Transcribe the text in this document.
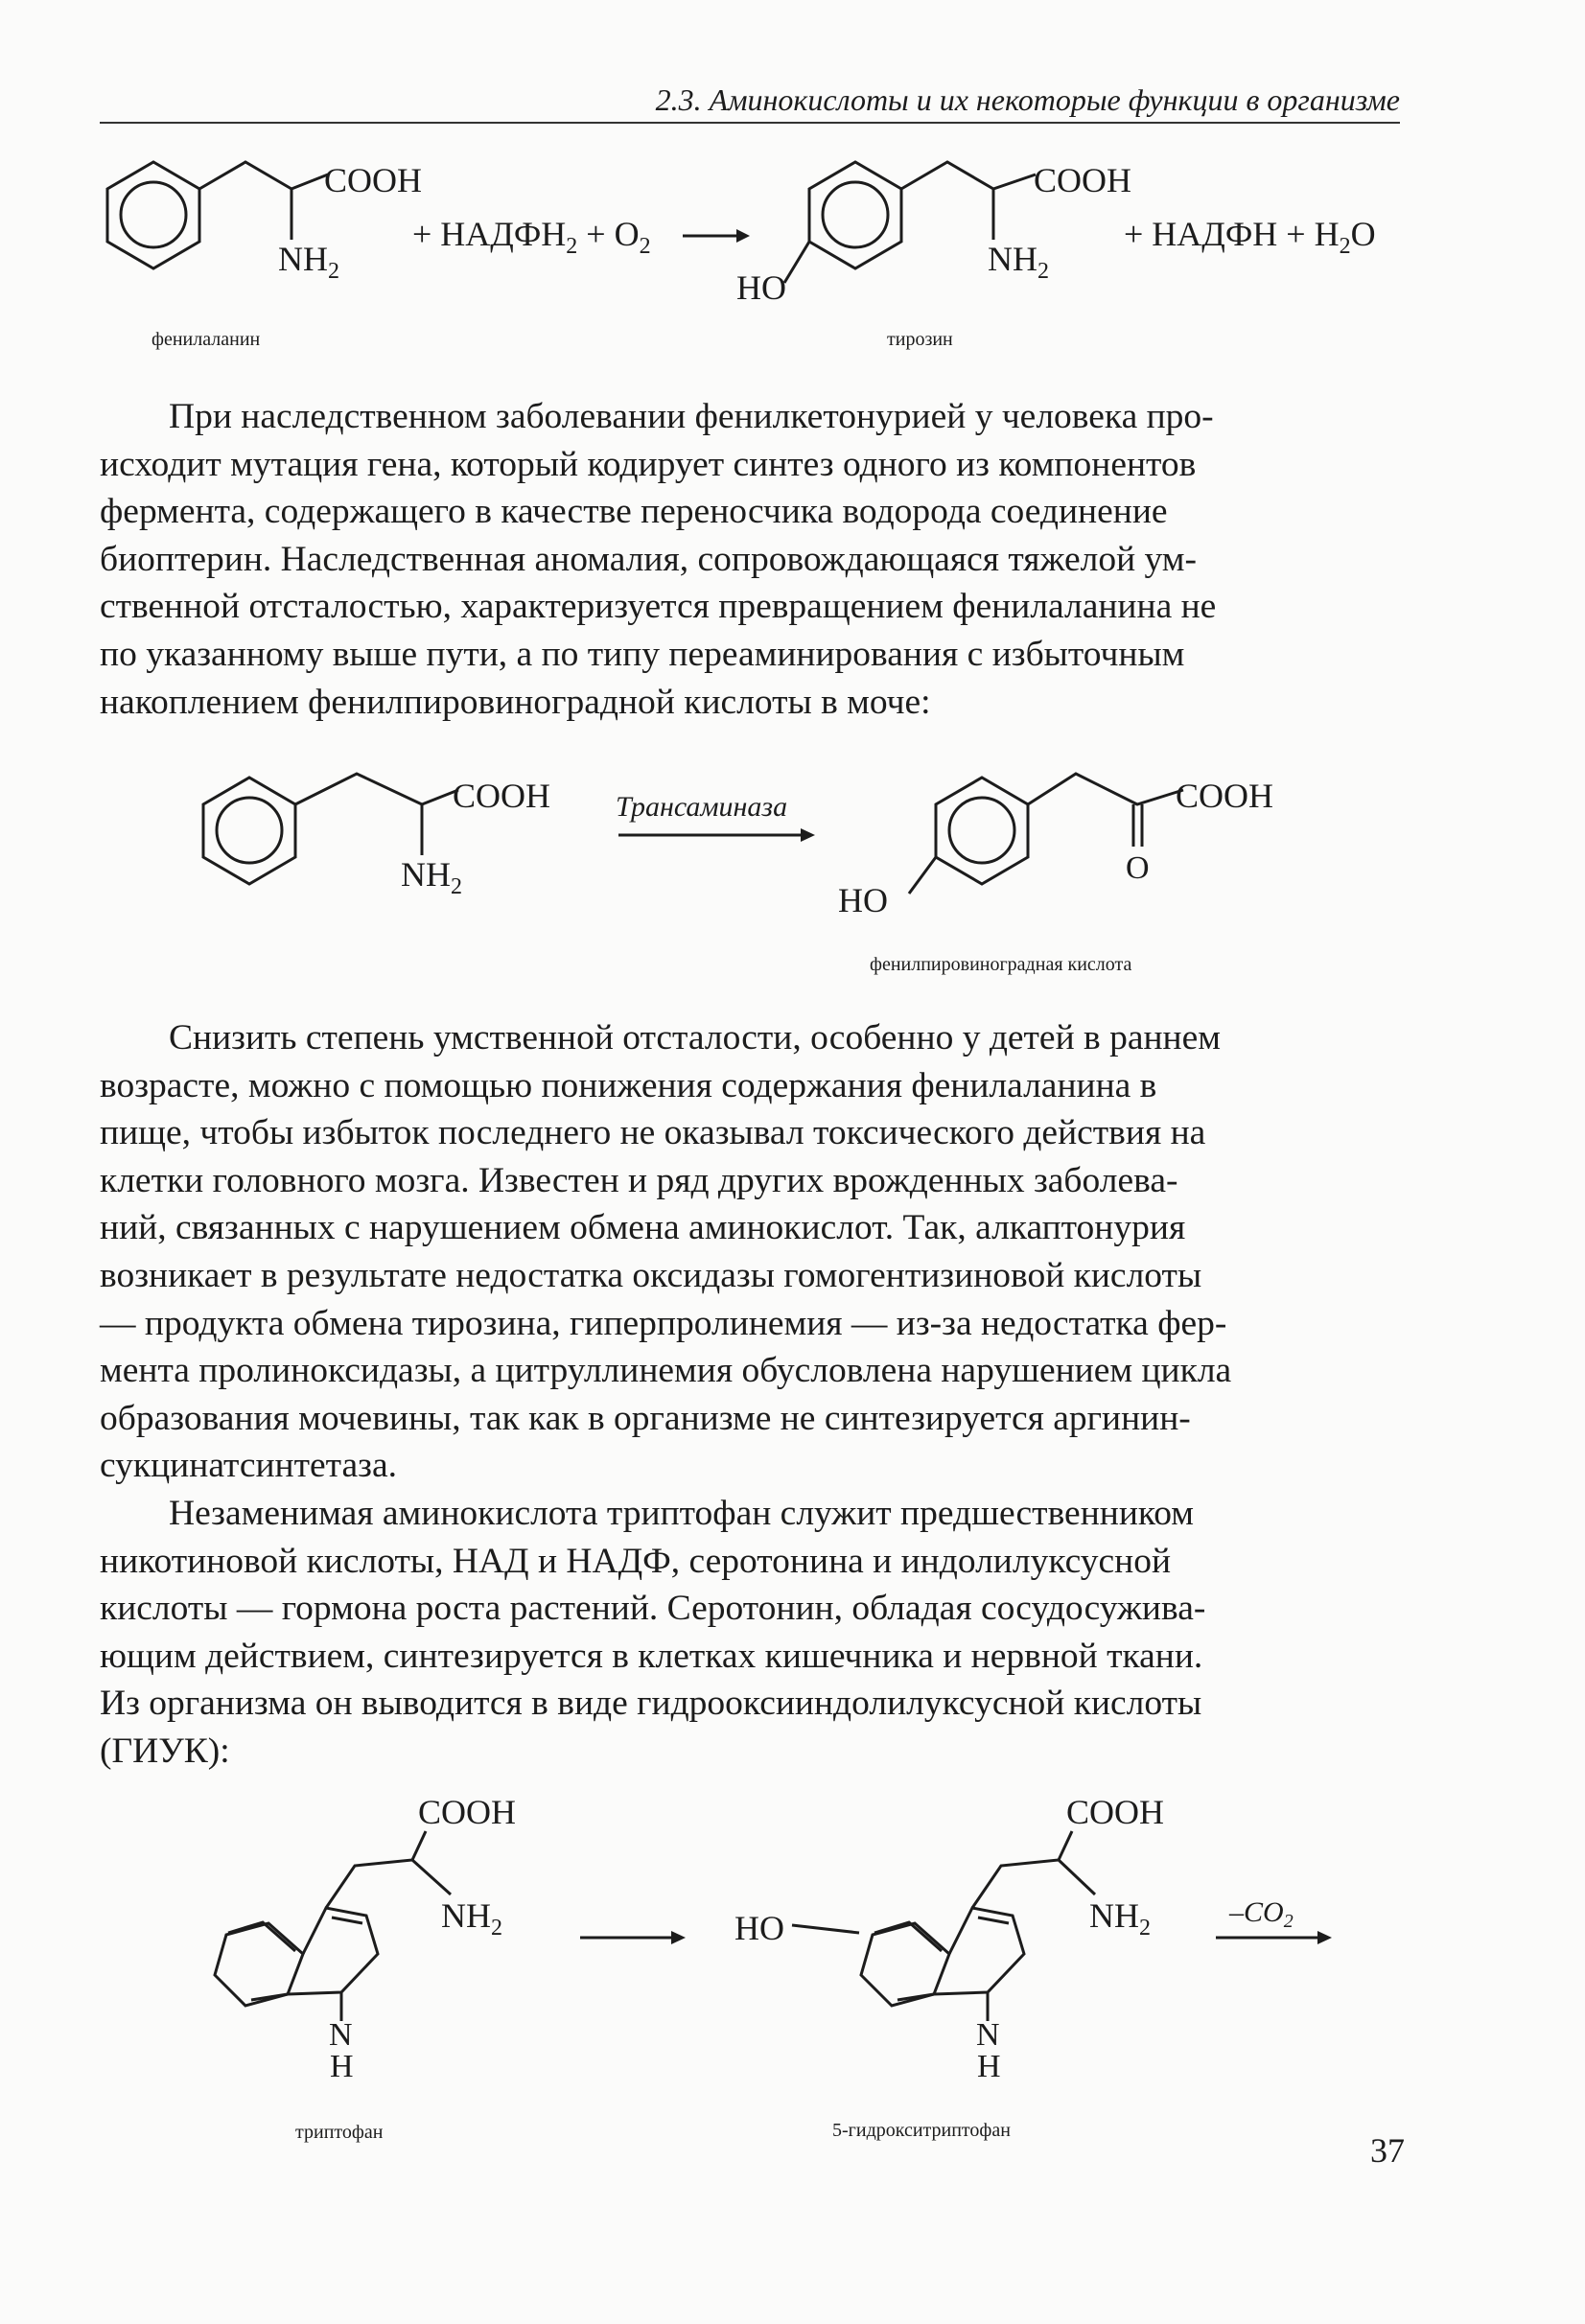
2.3. Аминокислоты и их некоторые функции в организме
COOH
$NH_2$
+ $НАДФН_2 + O_2$
COOH
$NH_2$
HO
+ НАДФН + $H_2O$
фенилаланин	тирозин

При наследственном заболевании фенилкетонурией у человека про-
исходит мутация гена, который кодирует синтез одного из компонентов
фермента, содержащего в качестве переносчика водорода соединение
биоптерин. Наследственная аномалия, сопровождающаяся тяжелой ум-
ственной отсталостью, характеризуется превращением фенилаланина не
по указанному выше пути, а по типу переаминирования с избыточным
накоплением фенилпировиноградной кислоты в моче:

COOH
$NH_2$
Трансаминаза	COOH
O
HO
фенилпировиноградная кислота

Снизить степень умственной отсталости, особенно у детей в раннем
возрасте, можно с помощью понижения содержания фенилаланина в
пище, чтобы избыток последнего не оказывал токсического действия на
клетки головного мозга. Известен и ряд других врожденных заболева-
ний, связанных с нарушением обмена аминокислот. Так, алкаптонурия
возникает в результате недостатка оксидазы гомогентизиновой кислоты
— продукта обмена тирозина, гиперпролинемия — из-за недостатка фер-
мента пролиноксидазы, а цитруллинемия обусловлена нарушением цикла
образования мочевины, так как в организме не синтезируется аргинин-
сукцинатсинтетаза.

Незаменимая аминокислота триптофан служит предшественником
никотиновой кислоты, НАД и НАДФ, серотонина и индолилуксусной
кислоты — гормона роста растений. Серотонин, обладая сосудосужива-
ющим действием, синтезируется в клетках кишечника и нервной ткани.
Из организма он выводится в виде гидрооксииндолилуксусной кислоты
(ГИУК):

COOH
$NH_2$
N
H
HO
COOH
$NH_2$
N
H
$-CO_2$
триптофан	5-гидрокситриптофан
37
